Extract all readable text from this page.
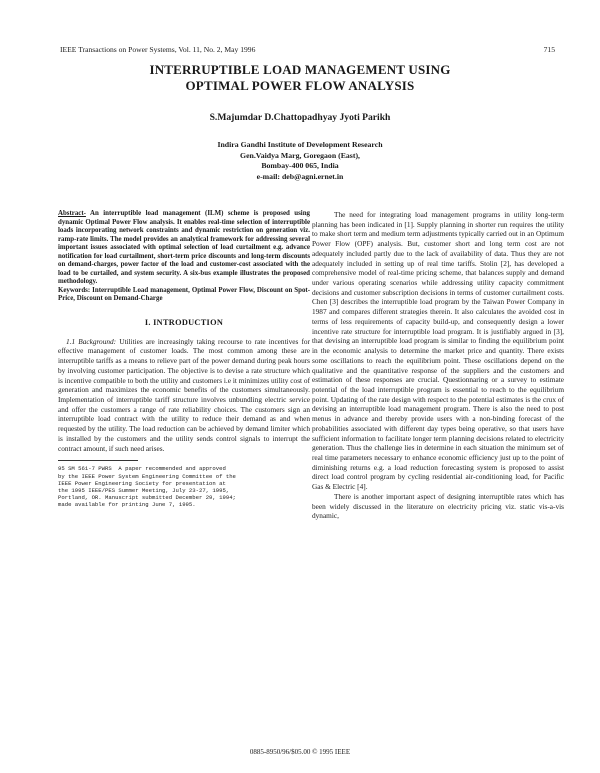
IEEE Transactions on Power Systems, Vol. 11, No. 2, May 1996	715
INTERRUPTIBLE LOAD MANAGEMENT USING
OPTIMAL POWER FLOW ANALYSIS
S.Majumdar D.Chattopadhyay Jyoti Parikh
Indira Gandhi Institute of Development Research
Gen.Vaidya Marg, Goregaon (East),
Bombay-400 065, India
e-mail: deb@agni.ernet.in

Abstract- An interruptible load management (ILM) scheme is proposed using dynamic Optimal Power Flow analysis. It enables real-time selection of interruptible loads incorporating network constraints and dynamic restriction on generation viz. ramp-rate limits. The model provides an analytical framework for addressing several important issues associated with optimal selection of load curtailment e.g. advance notification for load curtailment, short-term price discounts and long-term discounts on demand-charges, power factor of the load and customer-cost associated with the load to be curtailed, and system security. A six-bus example illustrates the proposed methodology.

Keywords: Interruptible Load management, Optimal Power Flow, Discount on Spot-Price, Discount on Demand-Charge

I. INTRODUCTION

1.1 Background: Utilities are increasingly taking recourse to rate incentives for effective management of customer loads. The most common among these are interruptible tariffs as a means to relieve part of the power demand during peak hours by involving customer participation. The objective is to devise a rate structure which is incentive compatible to both the utility and customers i.e it minimizes utility cost of generation and maximizes the economic benefits of the customers simultaneously. Implementation of interruptible tariff structure involves unbundling electric service and offer the customers a range of rate reliability choices. The customers sign an interruptible load contract with the utility to reduce their demand as and when requested by the utility. The load reduction can be achieved by demand limiter which is installed by the customers and the utility sends control signals to interrupt the contract amount, if such need arises.

95 SM 561-7 PWRS  A paper recommended and approved
by the IEEE Power System Engineering Committee of the
IEEE Power Engineering Society for presentation at
the 1995 IEEE/PES Summer Meeting, July 23-27, 1995,
Portland, OR. Manuscript submitted December 29, 1994;
made available for printing June 7, 1995.

The need for integrating load management programs in utility long-term planning has been indicated in [1]. Supply planning in shorter run requires the utility to make short term and medium term adjustments typically carried out in an Optimum Power Flow (OPF) analysis. But, customer short and long term cost are not adequately included partly due to the lack of availability of data. Thus they are not adequately included in setting up of real time tariffs. Stolin [2], has developed a comprehensive model of real-time pricing scheme, that balances supply and demand under various operating scenarios while addressing utility capacity commitment decisions and customer subscription decisions in terms of customer curtailment costs. Chen [3] describes the interruptible load program by the Taiwan Power Company in 1987 and compares different strategies therein. It also calculates the avoided cost in terms of less requirements of capacity build-up, and consequently design a lower incentive rate structure for interruptible load program. It is justifiably argued in [3], that devising an interruptible load program is similar to finding the equilibrium point in the economic analysis to determine the market price and quantity. There exists some oscillations to reach the equilibrium point. These oscillations depend on the qualitative and the quantitative response of the suppliers and the customers and estimation of these responses are crucial. Questionnaring or a survey to estimate potential of the load interruptible program is essential to reach to the equilibrium point. Updating of the rate design with respect to the potential estimates is the crux of devising an interruptible load management program. There is also the need to post menus in advance and thereby provide users with a non-binding forecast of the probabilities associated with different day types being operative, so that users have sufficient information to facilitate longer term planning decisions related to electricity generation. Thus the challenge lies in determine in each situation the minimum set of real time parameters necessary to enhance economic efficiency just up to the point of diminishing returns e.g. a load reduction forecasting system is proposed to assist direct load control program by cycling residential air-conditioning load, for Pacific Gas & Electric [4].

There is another important aspect of designing interruptible rates which has been widely discussed in the literature on electricity pricing viz. static vis-a-vis dynamic,

0885-8950/96/$05.00 © 1995 IEEE
